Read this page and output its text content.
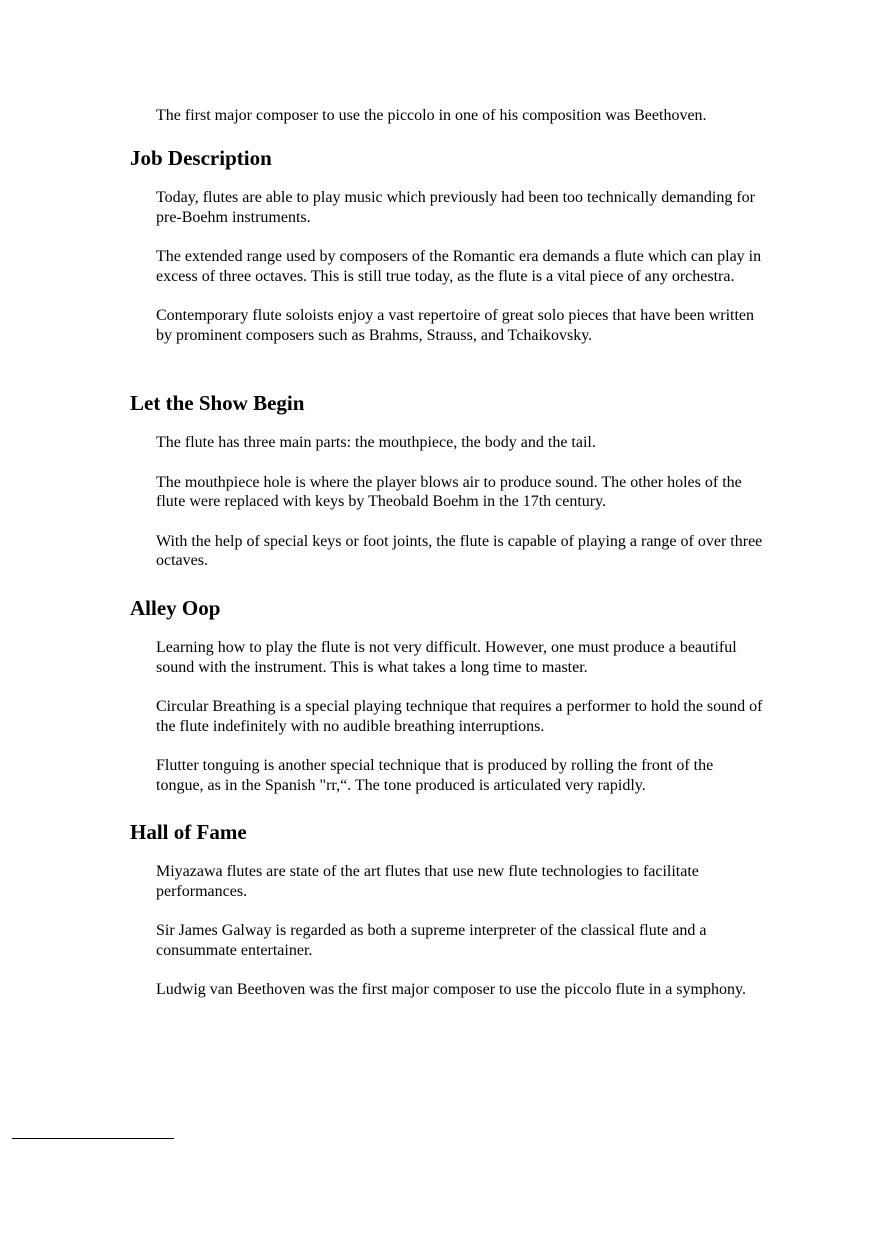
The first major composer to use the piccolo in one of his composition was Beethoven.

Job Description

Today, flutes are able to play music which previously had been too technically demanding for pre-Boehm instruments.

The extended range used by composers of the Romantic era demands a flute which can play in excess of three octaves. This is still true today, as the flute is a vital piece of any orchestra.

Contemporary flute soloists enjoy a vast repertoire of great solo pieces that have been written by prominent composers such as Brahms, Strauss, and Tchaikovsky.

Let the Show Begin

The flute has three main parts: the mouthpiece, the body and the tail.

The mouthpiece hole is where the player blows air to produce sound. The other holes of the flute were replaced with keys by Theobald Boehm in the 17th century.

With the help of special keys or foot joints, the flute is capable of playing a range of over three octaves.

Alley Oop

Learning how to play the flute is not very difficult. However, one must produce a beautiful sound with the instrument. This is what takes a long time to master.

Circular Breathing is a special playing technique that requires a performer to hold the sound of the flute indefinitely with no audible breathing interruptions.

Flutter tonguing is another special technique that is produced by rolling the front of the tongue, as in the Spanish "rr,“. The tone produced is articulated very rapidly.

Hall of Fame

Miyazawa flutes are state of the art flutes that use new flute technologies to facilitate performances.

Sir James Galway is regarded as both a supreme interpreter of the classical flute and a consummate entertainer.

Ludwig van Beethoven was the first major composer to use the piccolo flute in a symphony.
